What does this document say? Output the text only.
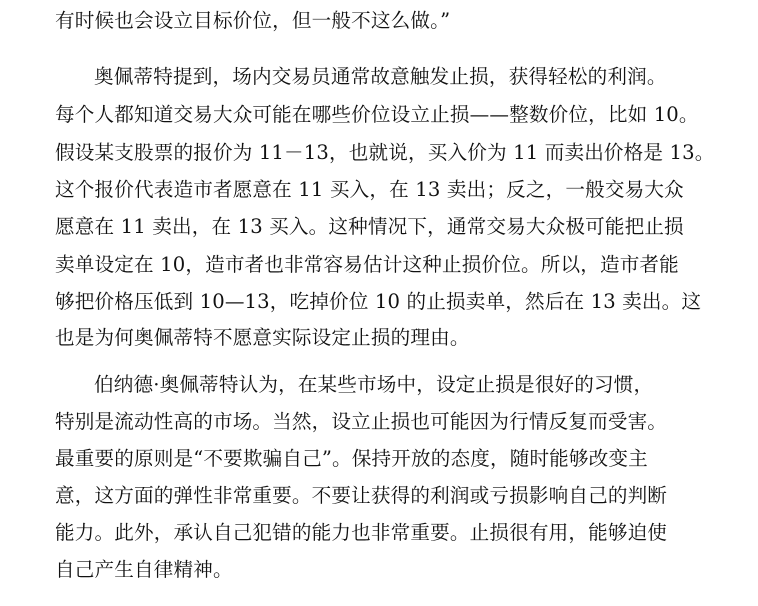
有时候也会设立目标价位，但一般不这么做。”
奥佩蒂特提到，场内交易员通常故意触发止损，获得轻松的利润。
每个人都知道交易大众可能在哪些价位设立止损——整数价位，比如 10。
假设某支股票的报价为 11－13，也就说，买入价为 11 而卖出价格是 13。
这个报价代表造市者愿意在 11 买入，在 13 卖出；反之，一般交易大众
愿意在 11 卖出，在 13 买入。这种情况下，通常交易大众极可能把止损
卖单设定在 10，造市者也非常容易估计这种止损价位。所以，造市者能
够把价格压低到 10—13，吃掉价位 10 的止损卖单，然后在 13 卖出。这
也是为何奥佩蒂特不愿意实际设定止损的理由。
伯纳德·奥佩蒂特认为，在某些市场中，设定止损是很好的习惯，
特别是流动性高的市场。当然，设立止损也可能因为行情反复而受害。
最重要的原则是“不要欺骗自己”。保持开放的态度，随时能够改变主
意，这方面的弹性非常重要。不要让获得的利润或亏损影响自己的判断
能力。此外，承认自己犯错的能力也非常重要。止损很有用，能够迫使
自己产生自律精神。
